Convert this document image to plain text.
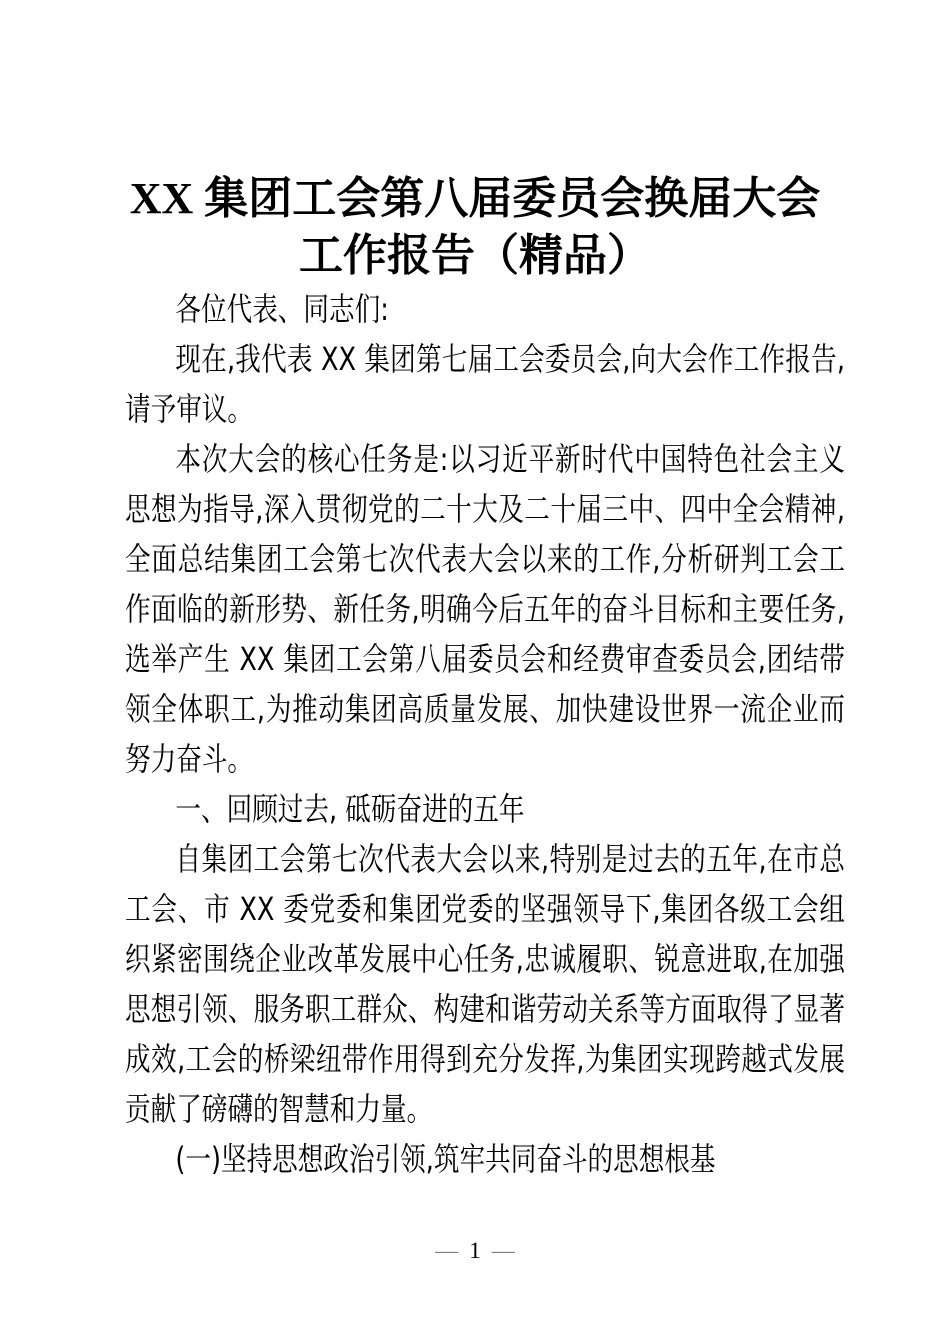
XX 集团工会第八届委员会换届大会工作报告（精品）

各位代表、同志们:

现在,我代表 XX 集团第七届工会委员会,向大会作工作报告,请予审议。

本次大会的核心任务是:以习近平新时代中国特色社会主义思想为指导,深入贯彻党的二十大及二十届三中、四中全会精神,全面总结集团工会第七次代表大会以来的工作,分析研判工会工作面临的新形势、新任务,明确今后五年的奋斗目标和主要任务,选举产生 XX 集团工会第八届委员会和经费审查委员会,团结带领全体职工,为推动集团高质量发展、加快建设世界一流企业而努力奋斗。

一、回顾过去, 砥砺奋进的五年

自集团工会第七次代表大会以来,特别是过去的五年,在市总工会、市 XX 委党委和集团党委的坚强领导下,集团各级工会组织紧密围绕企业改革发展中心任务,忠诚履职、锐意进取,在加强思想引领、服务职工群众、构建和谐劳动关系等方面取得了显著成效,工会的桥梁纽带作用得到充分发挥,为集团实现跨越式发展贡献了磅礴的智慧和力量。

(一)坚持思想政治引领,筑牢共同奋斗的思想根基

— 1 —
